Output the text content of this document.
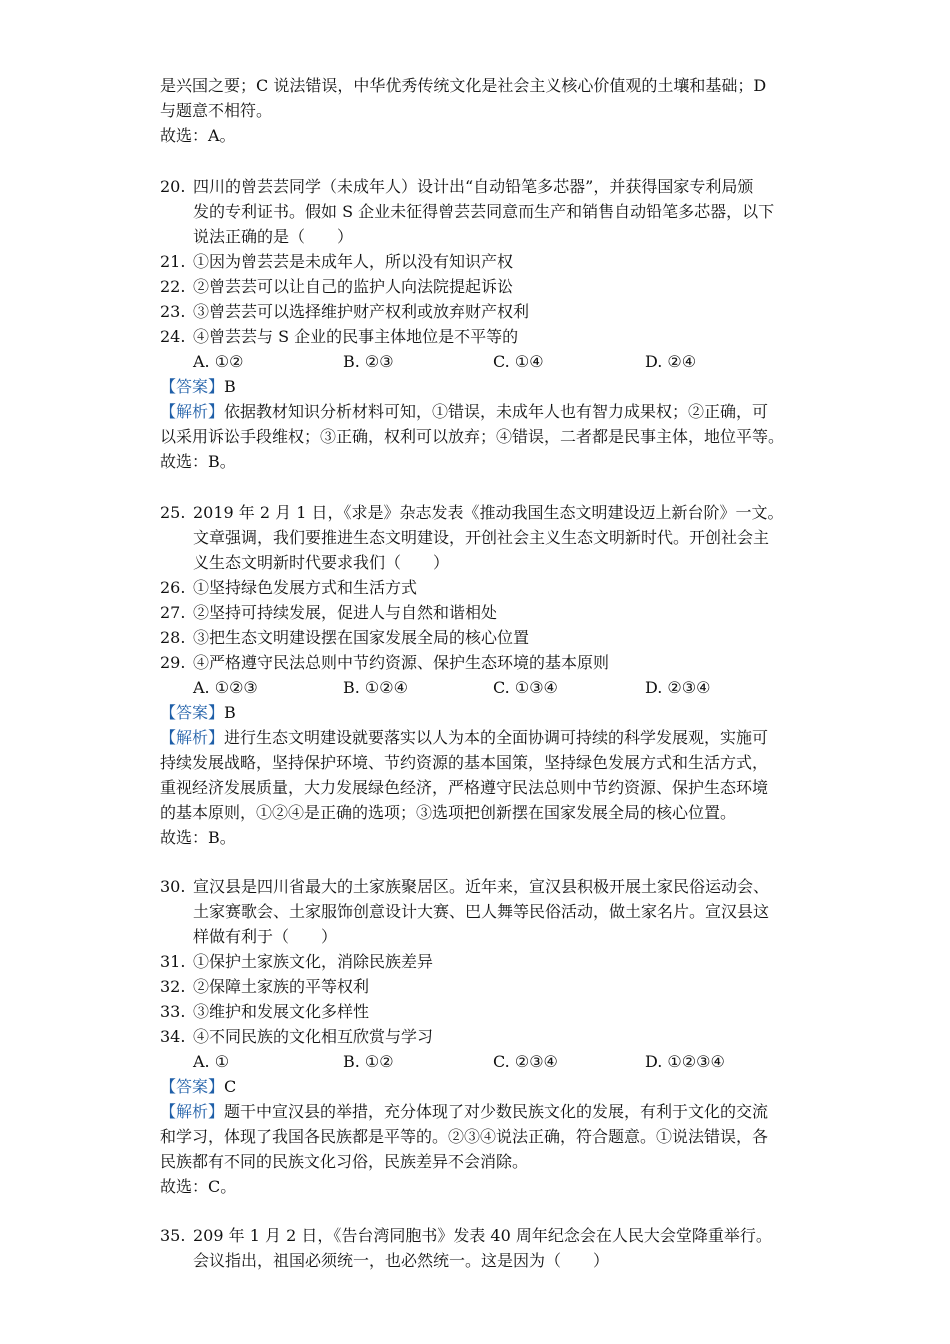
是兴国之要；C 说法错误，中华优秀传统文化是社会主义核心价值观的土壤和基础；D
与题意不相符。
故选：A。
20. 四川的曾芸芸同学（未成年人）设计出“自动铅笔多芯器”，并获得国家专利局颁
发的专利证书。假如 S 企业未征得曾芸芸同意而生产和销售自动铅笔多芯器，以下
说法正确的是（　　）
21. ①因为曾芸芸是未成年人，所以没有知识产权
22. ②曾芸芸可以让自己的监护人向法院提起诉讼
23. ③曾芸芸可以选择维护财产权利或放弃财产权利
24. ④曾芸芸与 S 企业的民事主体地位是不平等的
A. ①②	B. ②③	C. ①④	D. ②④
【答案】B
【解析】依据教材知识分析材料可知，①错误，未成年人也有智力成果权；②正确，可
以采用诉讼手段维权；③正确，权利可以放弃；④错误，二者都是民事主体，地位平等。
故选：B。
25. 2019 年 2 月 1 日，《求是》杂志发表《推动我国生态文明建设迈上新台阶》一文。
文章强调，我们要推进生态文明建设，开创社会主义生态文明新时代。开创社会主
义生态文明新时代要求我们（　　）
26. ①坚持绿色发展方式和生活方式
27. ②坚持可持续发展，促进人与自然和谐相处
28. ③把生态文明建设摆在国家发展全局的核心位置
29. ④严格遵守民法总则中节约资源、保护生态环境的基本原则
A. ①②③	B. ①②④	C. ①③④	D. ②③④
【答案】B
【解析】进行生态文明建设就要落实以人为本的全面协调可持续的科学发展观，实施可
持续发展战略，坚持保护环境、节约资源的基本国策，坚持绿色发展方式和生活方式，
重视经济发展质量，大力发展绿色经济，严格遵守民法总则中节约资源、保护生态环境
的基本原则，①②④是正确的选项；③选项把创新摆在国家发展全局的核心位置。
故选：B。
30. 宣汉县是四川省最大的土家族聚居区。近年来，宣汉县积极开展土家民俗运动会、
土家赛歌会、土家服饰创意设计大赛、巴人舞等民俗活动，做土家名片。宣汉县这
样做有利于（　　）
31. ①保护土家族文化，消除民族差异
32. ②保障土家族的平等权利
33. ③维护和发展文化多样性
34. ④不同民族的文化相互欣赏与学习
A. ①	B. ①②	C. ②③④	D. ①②③④
【答案】C
【解析】题干中宣汉县的举措，充分体现了对少数民族文化的发展，有利于文化的交流
和学习，体现了我国各民族都是平等的。②③④说法正确，符合题意。①说法错误，各
民族都有不同的民族文化习俗，民族差异不会消除。
故选：C。
35. 209 年 1 月 2 日，《告台湾同胞书》发表 40 周年纪念会在人民大会堂降重举行。
会议指出，祖国必须统一，也必然统一。这是因为（　　）
